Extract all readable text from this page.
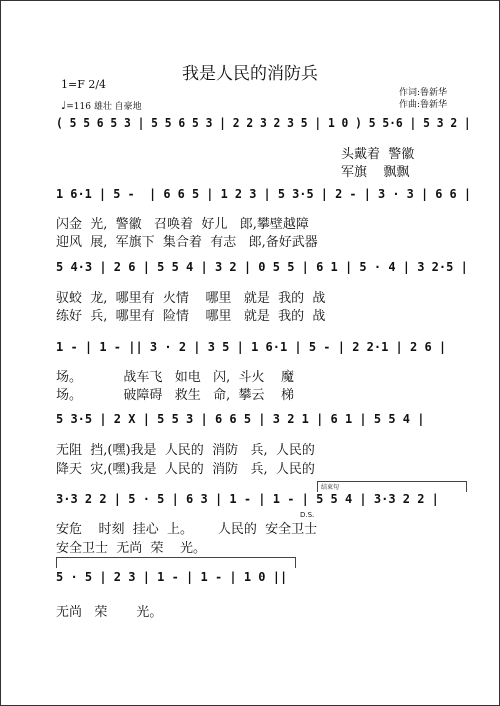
我是人民的消防兵
1=F 2/4
♩=116 雄壮 自豪地
作词:鲁新华
作曲:鲁新华
( 5 5 6 5 3 | 5 5 6 5 3 | 2 2 3 2 3 5 | 1 0 ) 5 5·6 | 5 3 2 |
头戴着  警徽
军旗    飘飘
1 6·1 | 5 -  | 6 6 5 | 1 2 3 | 5 3·5 | 2 - | 3 · 3 | 6 6 |
闪金  光,  警徽   召唤着  好儿   郎,攀壁越障
迎风  展,  军旗下  集合着  有志   郎,备好武器
5 4·3 | 2 6 | 5 5 4 | 3 2 | 0 5 5 | 6 1 | 5 · 4 | 3 2·5 |
驭蛟  龙,  哪里有  火情    哪里   就是  我的  战
练好  兵,  哪里有  险情    哪里   就是  我的  战
1 - | 1 - || 3 · 2 | 3 5 | 1 6·1 | 5 - | 2 2·1 | 2 6 |
场。          战车飞   如电   闪,  斗火    魔
场。          破障碍   救生   命,  攀云    梯
5 3·5 | 2 X | 5 5 3 | 6 6 5 | 3 2 1 | 6 1 | 5 5 4 |
无阻  挡,(嘿)我是  人民的  消防   兵,  人民的
降天  灾,(嘿)我是  人民的  消防   兵,  人民的
结束句
3·3 2 2 | 5 · 5 | 6 3 | 1 - | 1 - | 5 5 4 | 3·3 2 2 |
D.S.
安危    时刻  挂心  上。      人民的  安全卫士
安全卫士  无尚  荣    光。
5 · 5 | 2 3 | 1 - | 1 - | 1 0 ||
无尚   荣       光。
